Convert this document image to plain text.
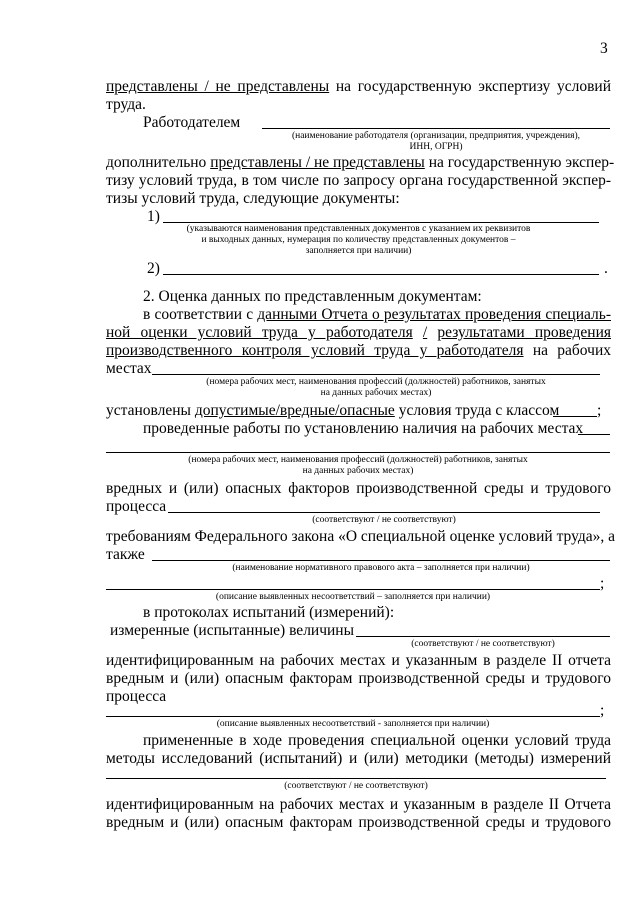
3
представлены / не представлены на государственную экспертизу условий
труда.
Работодателем
(наименование работодателя (организации, предприятия, учреждения),
ИНН, ОГРН)
дополнительно представлены / не представлены на государственную экспер-
тизу условий труда, в том числе по запросу органа государственной экспер-
тизы условий труда, следующие документы:
1)
(указываются наименования представленных документов с указанием их реквизитов
и выходных данных, нумерация по количеству представленных документов –
заполняется при наличии)
2)	.
2. Оценка данных по представленным документам:
в соответствии с данными Отчета о результатах проведения специаль-
ной оценки условий труда у работодателя / результатами проведения
производственного контроля условий труда у работодателя на рабочих
местах
(номера рабочих мест, наименования профессий (должностей) работников, занятых
на данных рабочих местах)
установлены допустимые/вредные/опасные условия труда с классом ;
проведенные работы по установлению наличия на рабочих местах
(номера рабочих мест, наименования профессий (должностей) работников, занятых
на данных рабочих местах)
вредных и (или) опасных факторов производственной среды и трудового
процесса
(соответствуют / не соответствуют)
требованиям Федерального закона «О специальной оценке условий труда», а
также
(наименование нормативного правового акта – заполняется при наличии)
;
(описание выявленных несоответствий – заполняется при наличии)
в протоколах испытаний (измерений):
измеренные (испытанные) величины
(соответствуют / не соответствуют)
идентифицированным на рабочих местах и указанным в разделе II отчета
вредным и (или) опасным факторам производственной среды и трудового
процесса
;
(описание выявленных несоответствий - заполняется при наличии)
примененные в ходе проведения специальной оценки условий труда
методы исследований (испытаний) и (или) методики (методы) измерений
(соответствуют / не соответствуют)
идентифицированным на рабочих местах и указанным в разделе II Отчета
вредным и (или) опасным факторам производственной среды и трудового
